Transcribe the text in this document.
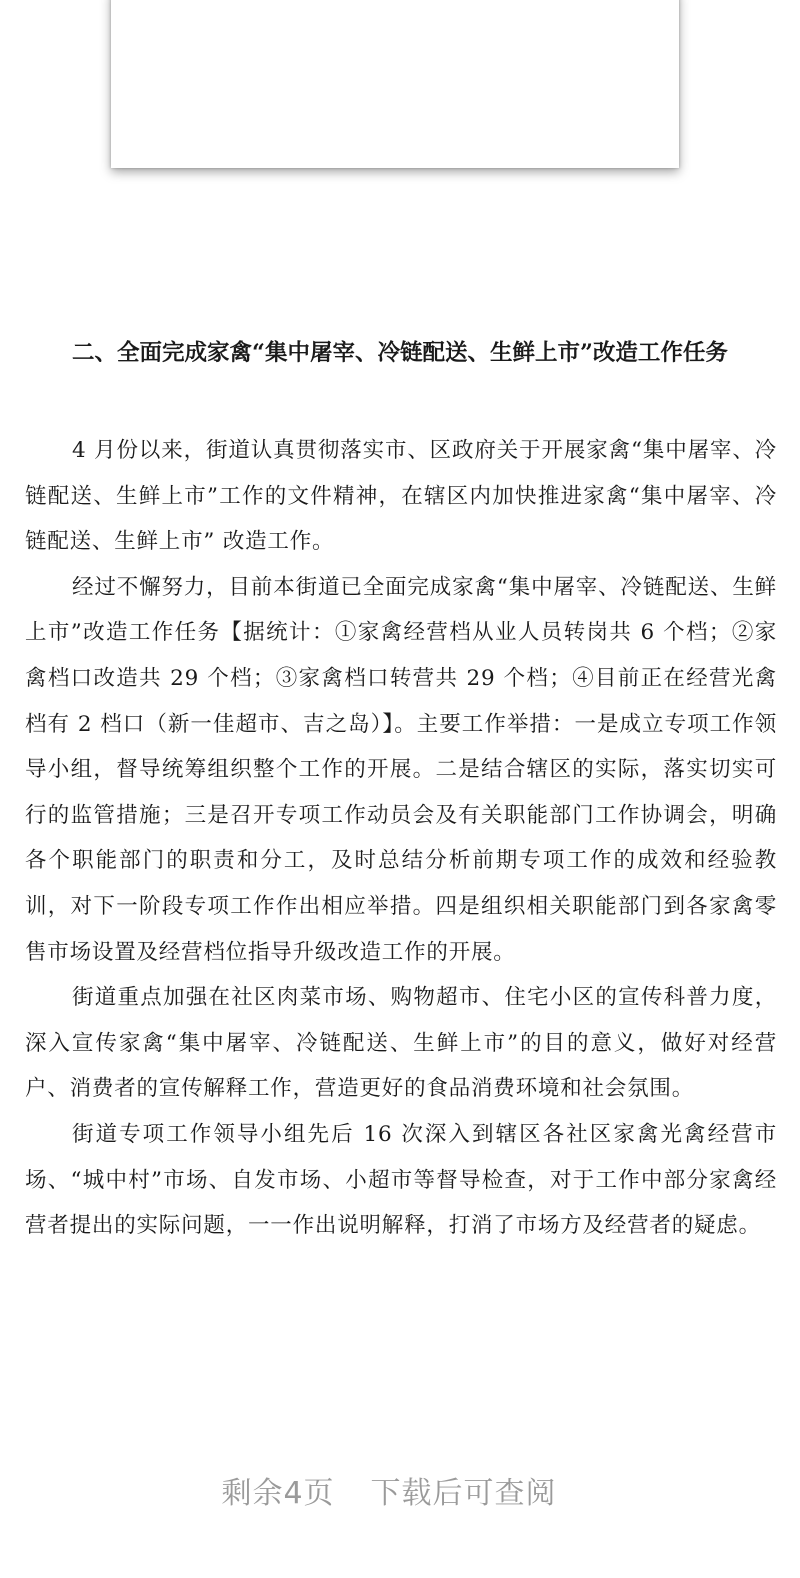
二、全面完成家禽“集中屠宰、冷链配送、生鲜上市”改造工作任务

4 月份以来，街道认真贯彻落实市、区政府关于开展家禽“集中屠宰、冷链配送、生鲜上市”工作的文件精神，在辖区内加快推进家禽“集中屠宰、冷链配送、生鲜上市” 改造工作。

经过不懈努力，目前本街道已全面完成家禽“集中屠宰、冷链配送、生鲜上市”改造工作任务【据统计：①家禽经营档从业人员转岗共 6 个档；②家禽档口改造共 29 个档；③家禽档口转营共 29 个档；④目前正在经营光禽档有 2 档口（新一佳超市、吉之岛）】。主要工作举措：一是成立专项工作领导小组，督导统筹组织整个工作的开展。二是结合辖区的实际，落实切实可行的监管措施；三是召开专项工作动员会及有关职能部门工作协调会，明确各个职能部门的职责和分工，及时总结分析前期专项工作的成效和经验教训，对下一阶段专项工作作出相应举措。四是组织相关职能部门到各家禽零售市场设置及经营档位指导升级改造工作的开展。

街道重点加强在社区肉菜市场、购物超市、住宅小区的宣传科普力度，深入宣传家禽“集中屠宰、冷链配送、生鲜上市”的目的意义，做好对经营户、消费者的宣传解释工作，营造更好的食品消费环境和社会氛围。

街道专项工作领导小组先后 16 次深入到辖区各社区家禽光禽经营市场、“城中村”市场、自发市场、小超市等督导检查，对于工作中部分家禽经营者提出的实际问题，一一作出说明解释，打消了市场方及经营者的疑虑。

剩余4页 下载后可查阅
